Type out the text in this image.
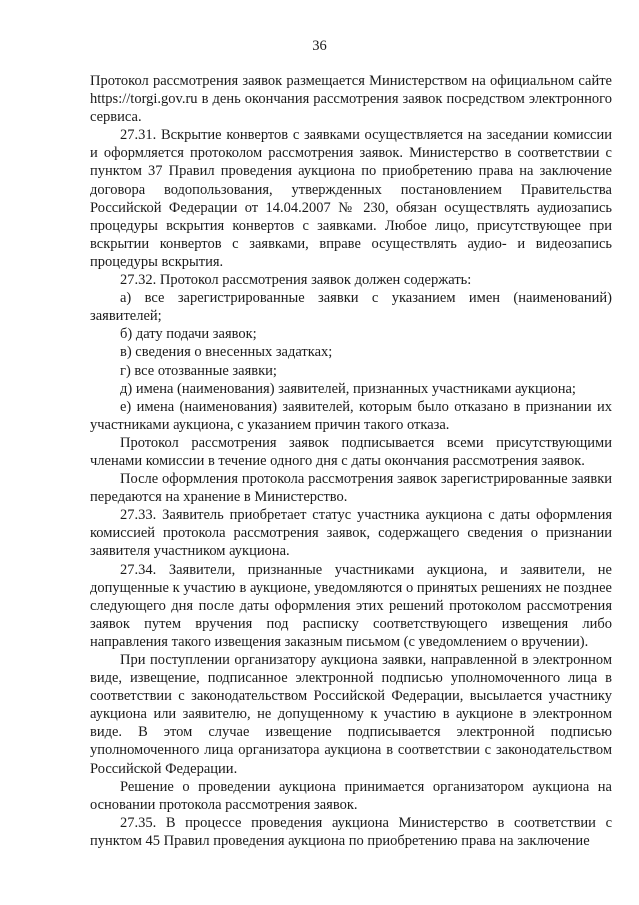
36

Протокол рассмотрения заявок размещается Министерством на официальном сайте https://torgi.gov.ru в день окончания рассмотрения заявок посредством электронного сервиса.

27.31. Вскрытие конвертов с заявками осуществляется на заседании комиссии и оформляется протоколом рассмотрения заявок. Министерство в соответствии с пунктом 37 Правил проведения аукциона по приобретению права на заключение договора водопользования, утвержденных постановлением Правительства Российской Федерации от 14.04.2007 № 230, обязан осуществлять аудиозапись процедуры вскрытия конвертов с заявками. Любое лицо, присутствующее при вскрытии конвертов с заявками, вправе осуществлять аудио- и видеозапись процедуры вскрытия.

27.32. Протокол рассмотрения заявок должен содержать:

а) все зарегистрированные заявки с указанием имен (наименований) заявителей;

б) дату подачи заявок;

в) сведения о внесенных задатках;

г) все отозванные заявки;

д) имена (наименования) заявителей, признанных участниками аукциона;

е) имена (наименования) заявителей, которым было отказано в признании их участниками аукциона, с указанием причин такого отказа.

Протокол рассмотрения заявок подписывается всеми присутствующими членами комиссии в течение одного дня с даты окончания рассмотрения заявок.

После оформления протокола рассмотрения заявок зарегистрированные заявки передаются на хранение в Министерство.

27.33. Заявитель приобретает статус участника аукциона с даты оформления комиссией протокола рассмотрения заявок, содержащего сведения о признании заявителя участником аукциона.

27.34. Заявители, признанные участниками аукциона, и заявители, не допущенные к участию в аукционе, уведомляются о принятых решениях не позднее следующего дня после даты оформления этих решений протоколом рассмотрения заявок путем вручения под расписку соответствующего извещения либо направления такого извещения заказным письмом (с уведомлением о вручении).

При поступлении организатору аукциона заявки, направленной в электронном виде, извещение, подписанное электронной подписью уполномоченного лица в соответствии с законодательством Российской Федерации, высылается участнику аукциона или заявителю, не допущенному к участию в аукционе в электронном виде. В этом случае извещение подписывается электронной подписью уполномоченного лица организатора аукциона в соответствии с законодательством Российской Федерации.

Решение о проведении аукциона принимается организатором аукциона на основании протокола рассмотрения заявок.

27.35. В процессе проведения аукциона Министерство в соответствии с пунктом 45 Правил проведения аукциона по приобретению права на заключение
